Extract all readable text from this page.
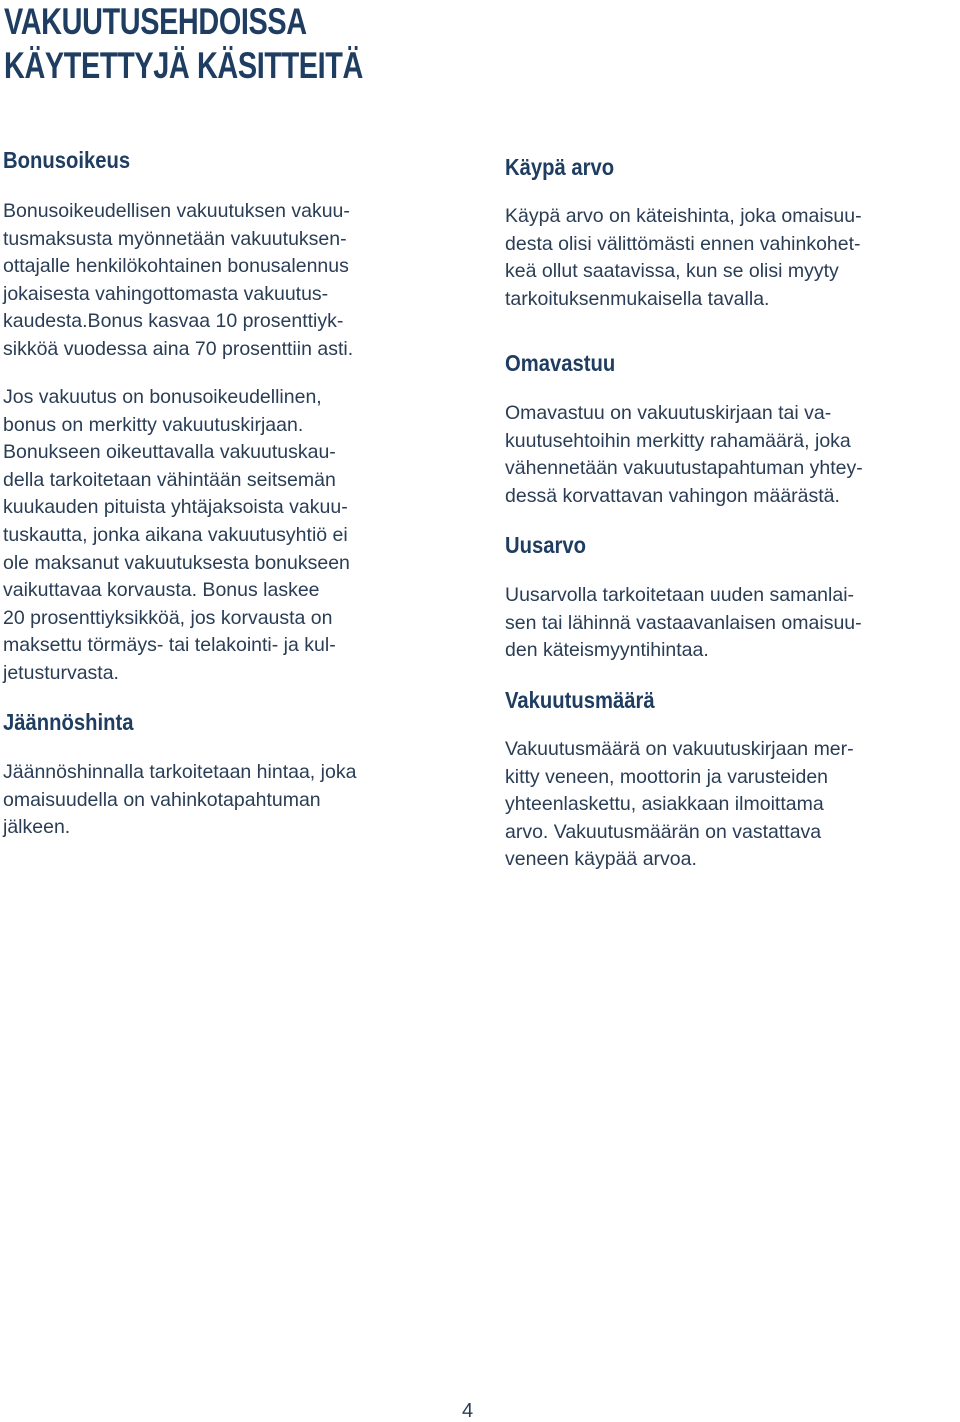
VAKUUTUSEHDOISSA
KÄYTETTYJÄ KÄSITTEITÄ
Bonusoikeus

Bonusoikeudellisen vakuutuksen vakuu-
tusmaksusta myönnetään vakuutuksen-
ottajalle henkilökohtainen bonusalennus
jokaisesta vahingottomasta vakuutus-
kaudesta.Bonus kasvaa 10 prosenttiyk-
sikköä vuodessa aina 70 prosenttiin asti.

Jos vakuutus on bonusoikeudellinen,
bonus on merkitty vakuutuskirjaan.
Bonukseen oikeuttavalla vakuutuskau-
della tarkoitetaan vähintään seitsemän
kuukauden pituista yhtäjaksoista vakuu-
tuskautta, jonka aikana vakuutusyhtiö ei
ole maksanut vakuutuksesta bonukseen
vaikuttavaa korvausta. Bonus laskee
20 prosenttiyksikköä, jos korvausta on
maksettu törmäys- tai telakointi- ja kul-
jetusturvasta.

Jäännöshinta

Jäännöshinnalla tarkoitetaan hintaa, joka
omaisuudella on vahinkotapahtuman
jälkeen.

Käypä arvo

Käypä arvo on käteishinta, joka omaisuu-
desta olisi välittömästi ennen vahinkohet-
keä ollut saatavissa, kun se olisi myyty
tarkoituksenmukaisella tavalla.

Omavastuu

Omavastuu on vakuutuskirjaan tai va-
kuutusehtoihin merkitty rahamäärä, joka
vähennetään vakuutustapahtuman yhtey-
dessä korvattavan vahingon määrästä.

Uusarvo

Uusarvolla tarkoitetaan uuden samanlai-
sen tai lähinnä vastaavanlaisen omaisuu-
den käteismyyntihintaa.

Vakuutusmäärä

Vakuutusmäärä on vakuutuskirjaan mer-
kitty veneen, moottorin ja varusteiden
yhteenlaskettu, asiakkaan ilmoittama
arvo. Vakuutusmäärän on vastattava
veneen käypää arvoa.

4
